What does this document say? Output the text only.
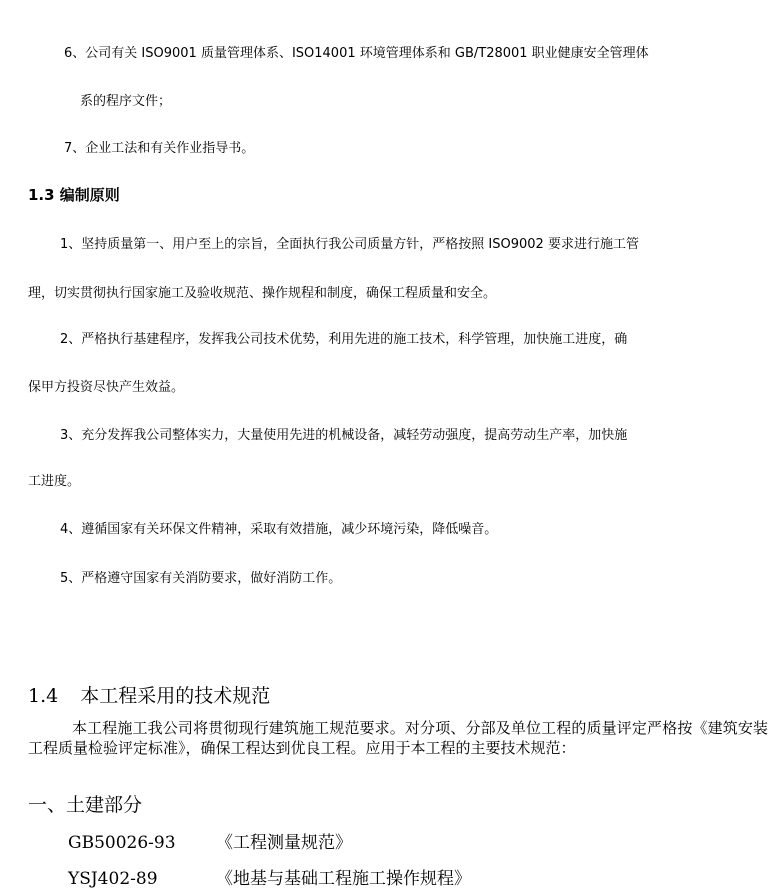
6、公司有关 ISO9001 质量管理体系、ISO14001 环境管理体系和 GB/T28001 职业健康安全管理体
系的程序文件；
7、企业工法和有关作业指导书。
1.3 编制原则
1、坚持质量第一、用户至上的宗旨，全面执行我公司质量方针，严格按照 ISO9002 要求进行施工管
理，切实贯彻执行国家施工及验收规范、操作规程和制度，确保工程质量和安全。
2、严格执行基建程序，发挥我公司技术优势，利用先进的施工技术，科学管理，加快施工进度，确
保甲方投资尽快产生效益。
3、充分发挥我公司整体实力，大量使用先进的机械设备，减轻劳动强度，提高劳动生产率，加快施
工进度。
4、遵循国家有关环保文件精神，采取有效措施，减少环境污染，降低噪音。
5、严格遵守国家有关消防要求，做好消防工作。
1.4 本工程采用的技术规范
本工程施工我公司将贯彻现行建筑施工规范要求。对分项、分部及单位工程的质量评定严格按《建筑安装工程质量检验评定标准》，确保工程达到优良工程。应用于本工程的主要技术规范：
一、土建部分
GB50026-93 《工程测量规范》
YSJ402-89	《地基与基础工程施工操作规程》
